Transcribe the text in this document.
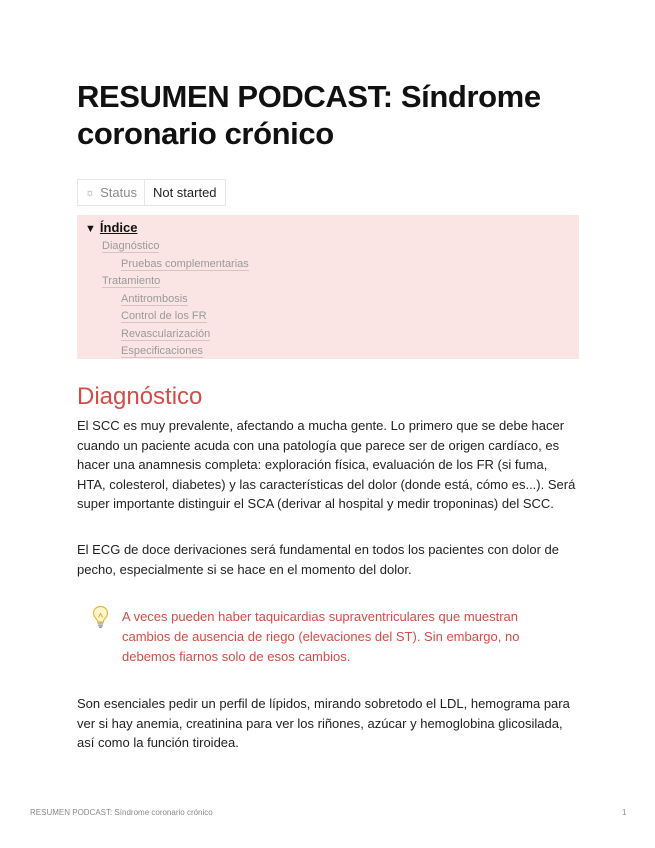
RESUMEN PODCAST: Síndrome coronario crónico
☼ Status	Not started
▼ Índice
Diagnóstico
Pruebas complementarias
Tratamiento
Antitrombosis
Control de los FR
Revascularización
Especificaciones
Diagnóstico

El SCC es muy prevalente, afectando a mucha gente. Lo primero que se debe hacer cuando un paciente acuda con una patología que parece ser de origen cardíaco, es hacer una anamnesis completa: exploración física, evaluación de los FR (si fuma, HTA, colesterol, diabetes) y las características del dolor (donde está, cómo es...). Será super importante distinguir el SCA (derivar al hospital y medir troponinas) del SCC.

El ECG de doce derivaciones será fundamental en todos los pacientes con dolor de pecho, especialmente si se hace en el momento del dolor.

A veces pueden haber taquicardias supraventriculares que muestran cambios de ausencia de riego (elevaciones del ST). Sin embargo, no debemos fiarnos solo de esos cambios.

Son esenciales pedir un perfil de lípidos, mirando sobretodo el LDL, hemograma para ver si hay anemia, creatinina para ver los riñones, azúcar y hemoglobina glicosilada, así como la función tiroidea.

RESUMEN PODCAST: Síndrome coronario crónico	1
